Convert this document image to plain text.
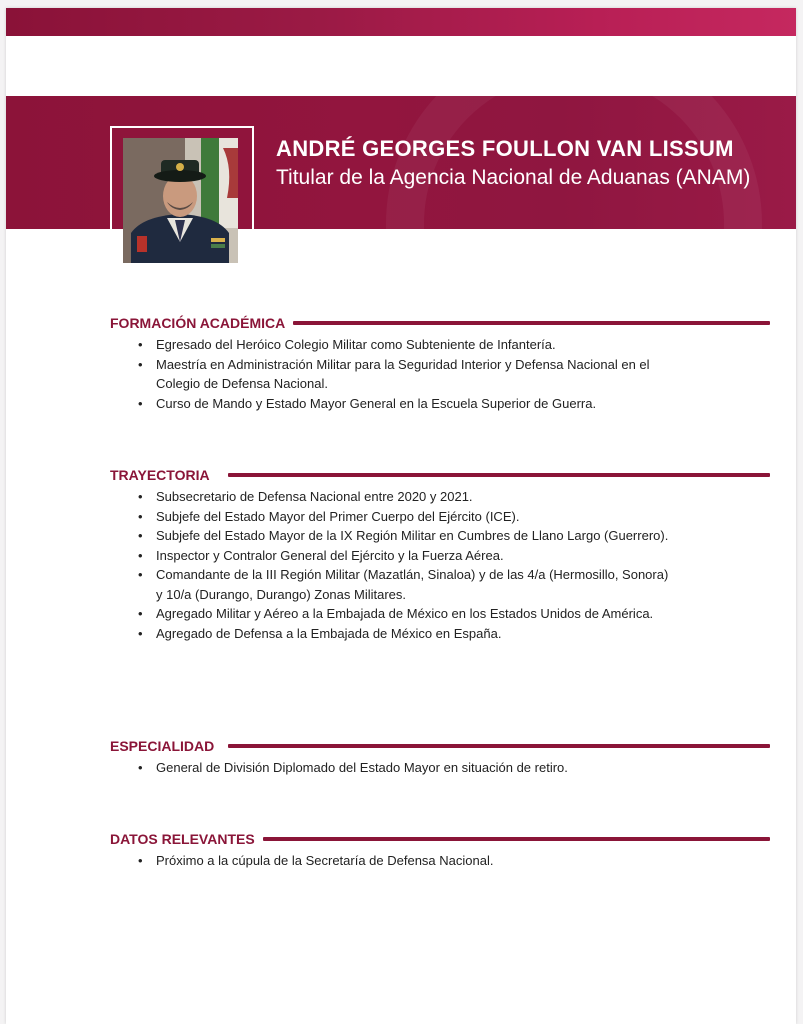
ANDRÉ GEORGES FOULLON VAN LISSUM
Titular de la Agencia Nacional de Aduanas (ANAM)
FORMACIÓN ACADÉMICA
• Egresado del Heróico Colegio Militar como Subteniente de Infantería.
• Maestría en Administración Militar para la Seguridad Interior y Defensa Nacional en el Colegio de Defensa Nacional.
• Curso de Mando y Estado Mayor General en la Escuela Superior de Guerra.
TRAYECTORIA
• Subsecretario de Defensa Nacional entre 2020 y 2021.
• Subjefe del Estado Mayor del Primer Cuerpo del Ejército (ICE).
• Subjefe del Estado Mayor de la IX Región Militar en Cumbres de Llano Largo (Guerrero).
• Inspector y Contralor General del Ejército y la Fuerza Aérea.
• Comandante de la III Región Militar (Mazatlán, Sinaloa) y de las 4/a (Hermosillo, Sonora) y 10/a (Durango, Durango) Zonas Militares.
• Agregado Militar y Aéreo a la Embajada de México en los Estados Unidos de América.
• Agregado de Defensa a la Embajada de México en España.
ESPECIALIDAD
• General de División Diplomado del Estado Mayor en situación de retiro.
DATOS RELEVANTES
• Próximo a la cúpula de la Secretaría de Defensa Nacional.
